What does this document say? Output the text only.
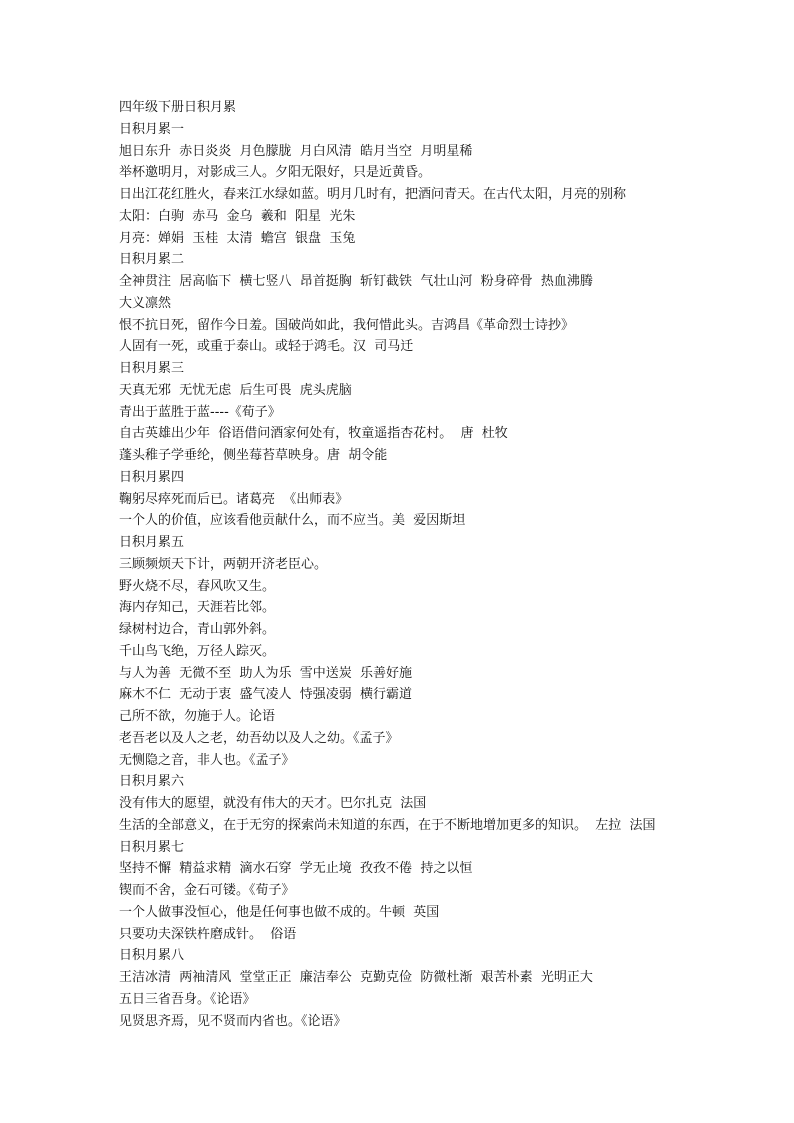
四年级下册日积月累
日积月累一
旭日东升  赤日炎炎  月色朦胧  月白风清  皓月当空  月明星稀
举杯邀明月，对影成三人。夕阳无限好，只是近黄昏。
日出江花红胜火，春来江水绿如蓝。明月几时有，把酒问青天。在古代太阳，月亮的别称
太阳：白驹  赤马  金乌  羲和  阳星  光朱
月亮：婵娟  玉桂  太清  蟾宫  银盘  玉兔
日积月累二
全神贯注  居高临下  横七竖八  昂首挺胸  斩钉截铁  气壮山河  粉身碎骨  热血沸腾
大义凛然
恨不抗日死，留作今日羞。国破尚如此，我何惜此头。吉鸿昌《革命烈士诗抄》
人固有一死，或重于泰山。或轻于鸿毛。汉  司马迁
日积月累三
天真无邪  无忧无虑  后生可畏  虎头虎脑
青出于蓝胜于蓝----《荀子》
自古英雄出少年  俗语借问酒家何处有，牧童遥指杏花村。  唐  杜牧
蓬头稚子学垂纶，侧坐莓苔草映身。唐  胡令能
日积月累四
鞠躬尽瘁死而后已。诸葛亮  《出师表》
一个人的价值，应该看他贡献什么，而不应当。美  爱因斯坦
日积月累五
三顾频烦天下计，两朝开济老臣心。
野火烧不尽，春风吹又生。
海内存知己，天涯若比邻。
绿树村边合，青山郭外斜。
千山鸟飞绝，万径人踪灭。
与人为善  无微不至  助人为乐  雪中送炭  乐善好施
麻木不仁  无动于衷  盛气凌人  恃强凌弱  横行霸道
己所不欲，勿施于人。论语
老吾老以及人之老，幼吾幼以及人之幼。《孟子》
无恻隐之音，非人也。《孟子》
日积月累六
没有伟大的愿望，就没有伟大的天才。巴尔扎克  法国
生活的全部意义，在于无穷的探索尚未知道的东西，在于不断地增加更多的知识。  左拉  法国
日积月累七
坚持不懈  精益求精  滴水石穿  学无止境  孜孜不倦  持之以恒
锲而不舍，金石可镂。《荀子》
一个人做事没恒心，他是任何事也做不成的。牛顿  英国
只要功夫深铁杵磨成针。  俗语
日积月累八
王洁冰清  两袖清风  堂堂正正  廉洁奉公  克勤克俭  防微杜渐  艰苦朴素  光明正大
五日三省吾身。《论语》
见贤思齐焉，见不贤而内省也。《论语》
